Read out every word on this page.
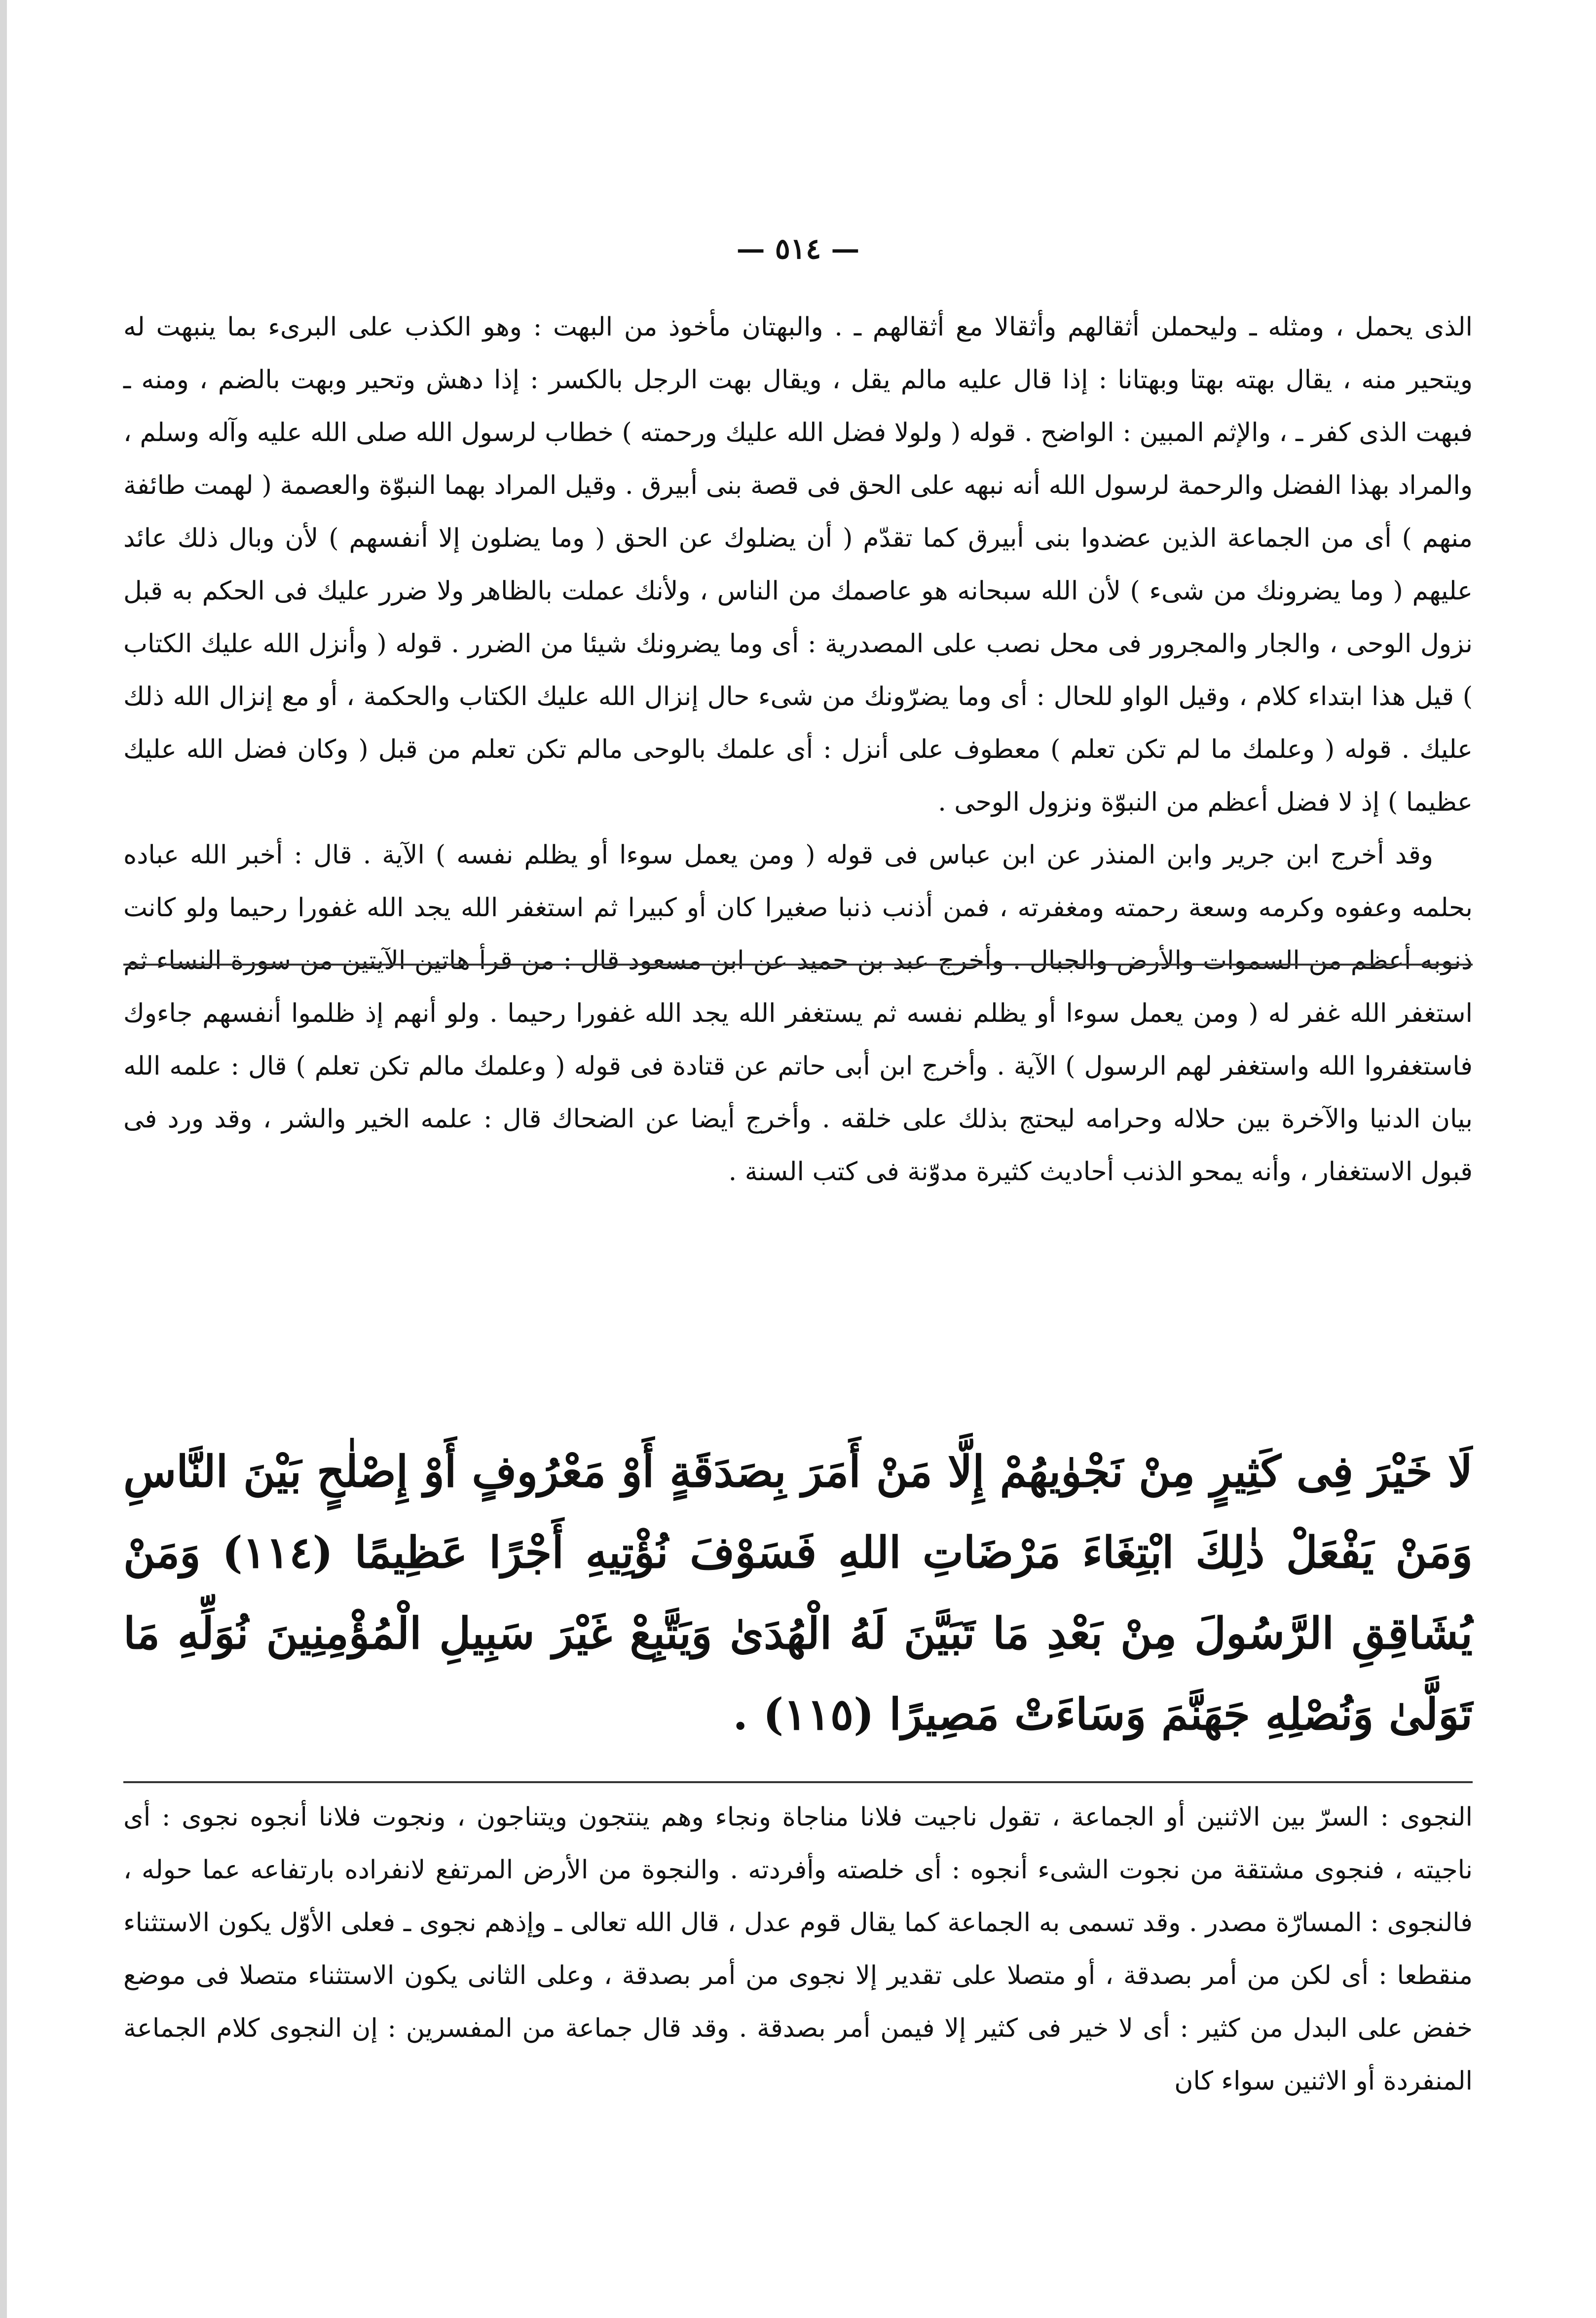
— ٥١٤ —

الذى يحمل ، ومثله ـ وليحملن أثقالهم وأثقالا مع أثقالهم ـ . والبهتان مأخوذ من البهت : وهو الكذب على البرىء بما ينبهت له ويتحير منه ، يقال بهته بهتا وبهتانا : إذا قال عليه مالم يقل ، ويقال بهت الرجل بالكسر : إذا دهش وتحير وبهت بالضم ، ومنه ـ فبهت الذى كفر ـ ، والإثم المبين : الواضح . قوله ( ولولا فضل الله عليك ورحمته ) خطاب لرسول الله صلى الله عليه وآله وسلم ، والمراد بهذا الفضل والرحمة لرسول الله أنه نبهه على الحق فى قصة بنى أبيرق . وقيل المراد بهما النبوّة والعصمة ( لهمت طائفة منهم ) أى من الجماعة الذين عضدوا بنى أبيرق كما تقدّم ( أن يضلوك عن الحق ( وما يضلون إلا أنفسهم ) لأن وبال ذلك عائد عليهم ( وما يضرونك من شىء ) لأن الله سبحانه هو عاصمك من الناس ، ولأنك عملت بالظاهر ولا ضرر عليك فى الحكم به قبل نزول الوحى ، والجار والمجرور فى محل نصب على المصدرية : أى وما يضرونك شيئا من الضرر . قوله ( وأنزل الله عليك الكتاب ) قيل هذا ابتداء كلام ، وقيل الواو للحال : أى وما يضرّونك من شىء حال إنزال الله عليك الكتاب والحكمة ، أو مع إنزال الله ذلك عليك . قوله ( وعلمك ما لم تكن تعلم ) معطوف على أنزل : أى علمك بالوحى مالم تكن تعلم من قبل ( وكان فضل الله عليك عظيما ) إذ لا فضل أعظم من النبوّة ونزول الوحى .

وقد أخرج ابن جرير وابن المنذر عن ابن عباس فى قوله ( ومن يعمل سوءا أو يظلم نفسه ) الآية . قال : أخبر الله عباده بحلمه وعفوه وكرمه وسعة رحمته ومغفرته ، فمن أذنب ذنبا صغيرا كان أو كبيرا ثم استغفر الله يجد الله غفورا رحيما ولو كانت ذنوبه أعظم من السموات والأرض والجبال . وأخرج عبد بن حميد عن ابن مسعود قال : من قرأ هاتين الآيتين من سورة النساء ثم استغفر الله غفر له ( ومن يعمل سوءا أو يظلم نفسه ثم يستغفر الله يجد الله غفورا رحيما . ولو أنهم إذ ظلموا أنفسهم جاءوك فاستغفروا الله واستغفر لهم الرسول ) الآية . وأخرج ابن أبى حاتم عن قتادة فى قوله ( وعلمك مالم تكن تعلم ) قال : علمه الله بيان الدنيا والآخرة بين حلاله وحرامه ليحتج بذلك على خلقه . وأخرج أيضا عن الضحاك قال : علمه الخير والشر ، وقد ورد فى قبول الاستغفار ، وأنه يمحو الذنب أحاديث كثيرة مدوّنة فى كتب السنة .

لَا خَيْرَ فِى كَثِيرٍ مِنْ نَجْوٰيهُمْ إِلَّا مَنْ أَمَرَ بِصَدَقَةٍ أَوْ مَعْرُوفٍ أَوْ إِصْلٰحٍ بَيْنَ النَّاسِ وَمَنْ يَفْعَلْ ذٰلِكَ ابْتِغَاءَ مَرْضَاتِ اللهِ فَسَوْفَ نُؤْتِيهِ أَجْرًا عَظِيمًا (١١٤) وَمَنْ يُشَاقِقِ الرَّسُولَ مِنْ بَعْدِ مَا تَبَيَّنَ لَهُ الْهُدَىٰ وَيَتَّبِعْ غَيْرَ سَبِيلِ الْمُؤْمِنِينَ نُوَلِّهِ مَا تَوَلَّىٰ وَنُصْلِهِ جَهَنَّمَ وَسَاءَتْ مَصِيرًا (١١٥) .

النجوى : السرّ بين الاثنين أو الجماعة ، تقول ناجيت فلانا مناجاة ونجاء وهم ينتجون ويتناجون ، ونجوت فلانا أنجوه نجوى : أى ناجيته ، فنجوى مشتقة من نجوت الشىء أنجوه : أى خلصته وأفردته . والنجوة من الأرض المرتفع لانفراده بارتفاعه عما حوله ، فالنجوى : المسارّة مصدر . وقد تسمى به الجماعة كما يقال قوم عدل ، قال الله تعالى ـ وإذهم نجوى ـ فعلى الأوّل يكون الاستثناء منقطعا : أى لكن من أمر بصدقة ، أو متصلا على تقدير إلا نجوى من أمر بصدقة ، وعلى الثانى يكون الاستثناء متصلا فى موضع خفض على البدل من كثير : أى لا خير فى كثير إلا فيمن أمر بصدقة . وقد قال جماعة من المفسرين : إن النجوى كلام الجماعة المنفردة أو الاثنين سواء كان
